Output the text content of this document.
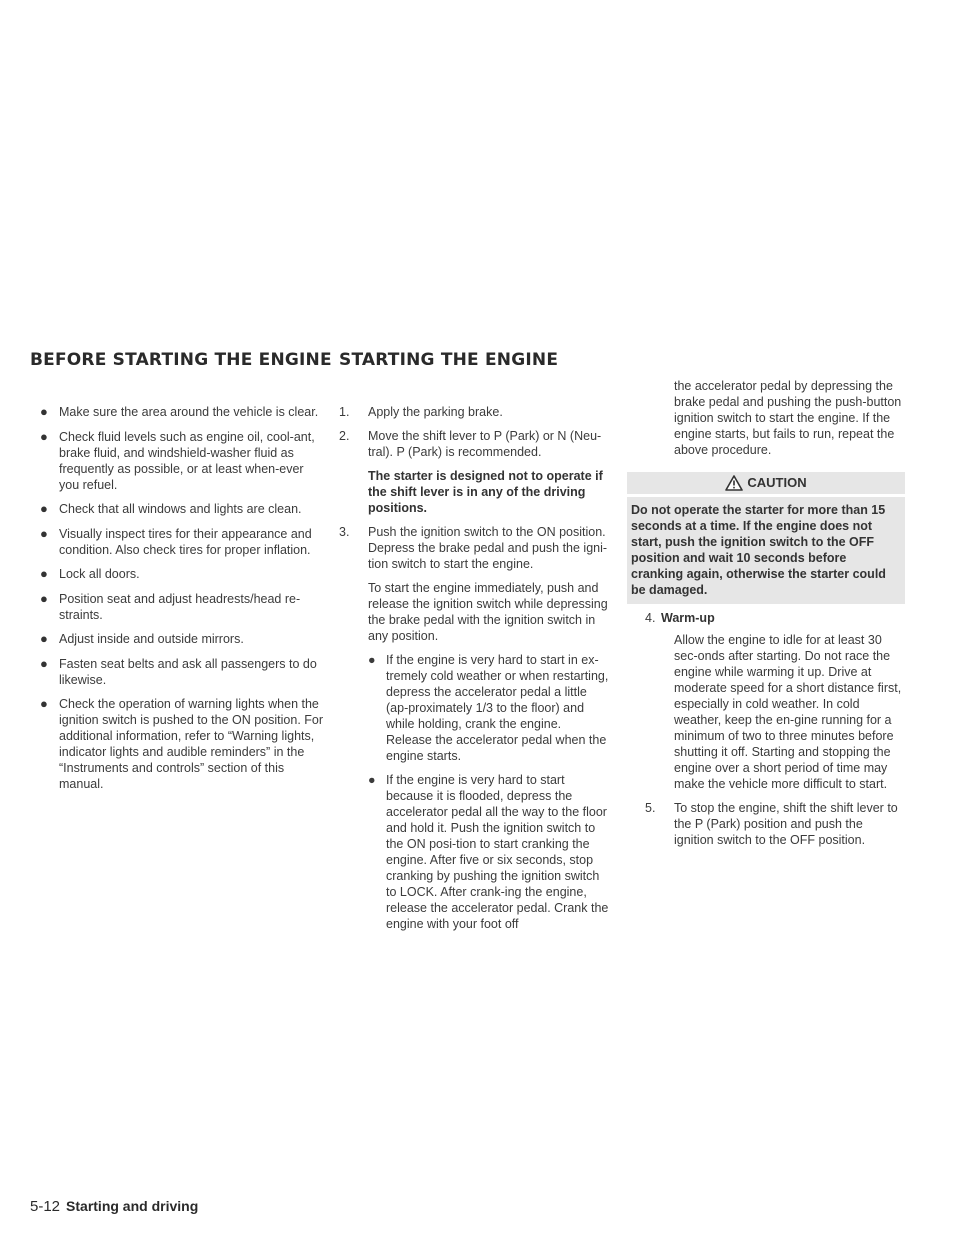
BEFORE STARTING THE ENGINE STARTING THE ENGINE

● Make sure the area around the vehicle is clear.

● Check fluid levels such as engine oil, cool-ant, brake fluid, and windshield-washer fluid as frequently as possible, or at least when-ever you refuel.

● Check that all windows and lights are clean.

● Visually inspect tires for their appearance and condition. Also check tires for proper inflation.

● Lock all doors.

● Position seat and adjust headrests/head re-straints.

● Adjust inside and outside mirrors.

● Fasten seat belts and ask all passengers to do likewise.

● Check the operation of warning lights when the ignition switch is pushed to the ON position. For additional information, refer to “Warning lights, indicator lights and audible reminders” in the “Instruments and controls” section of this manual.

1. Apply the parking brake.

2. Move the shift lever to P (Park) or N (Neu-tral). P (Park) is recommended.

The starter is designed not to operate if the shift lever is in any of the driving positions.

3. Push the ignition switch to the ON position. Depress the brake pedal and push the igni-tion switch to start the engine.

To start the engine immediately, push and release the ignition switch while depressing the brake pedal with the ignition switch in any position.

● If the engine is very hard to start in ex-tremely cold weather or when restarting, depress the accelerator pedal a little (ap-proximately 1/3 to the floor) and while holding, crank the engine. Release the accelerator pedal when the engine starts.

● If the engine is very hard to start because it is flooded, depress the accelerator pedal all the way to the floor and hold it. Push the ignition switch to the ON posi-tion to start cranking the engine. After five or six seconds, stop cranking by pushing the ignition switch to LOCK. After crank-ing the engine, release the accelerator pedal. Crank the engine with your foot off

the accelerator pedal by depressing the brake pedal and pushing the push-button ignition switch to start the engine. If the engine starts, but fails to run, repeat the above procedure.

CAUTION
Do not operate the starter for more than 15 seconds at a time. If the engine does not start, push the ignition switch to the OFF position and wait 10 seconds before cranking again, otherwise the starter could be damaged.

4. Warm-up

Allow the engine to idle for at least 30 sec-onds after starting. Do not race the engine while warming it up. Drive at moderate speed for a short distance first, especially in cold weather. In cold weather, keep the en-gine running for a minimum of two to three minutes before shutting it off. Starting and stopping the engine over a short period of time may make the vehicle more difficult to start.

5. To stop the engine, shift the shift lever to the P (Park) position and push the ignition switch to the OFF position.

5-12 Starting and driving
